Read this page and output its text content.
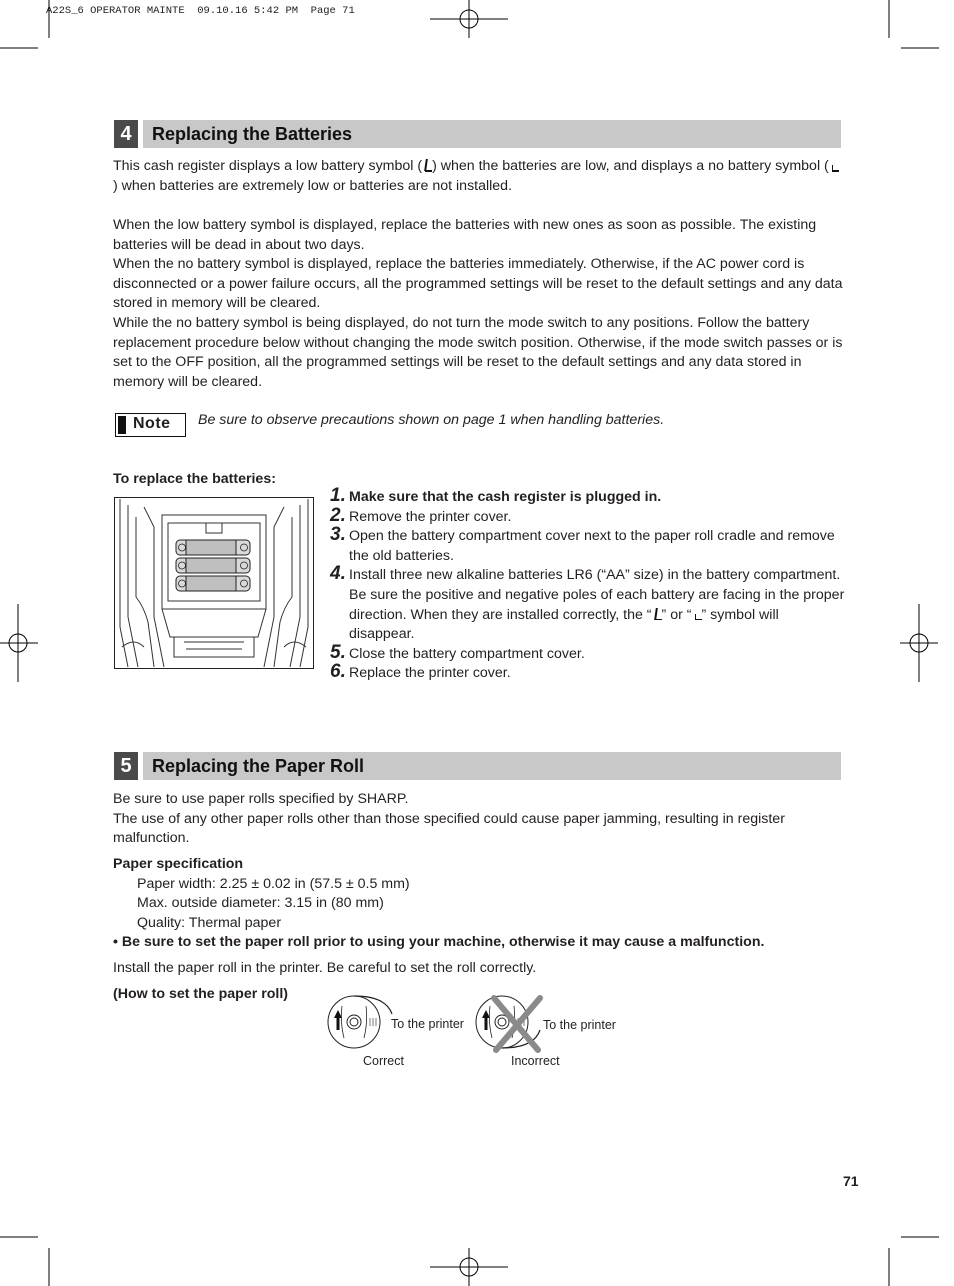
A22S_6 OPERATOR MAINTE  09.10.16 5:42 PM  Page 71
4	Replacing the Batteries

This cash register displays a low battery symbol ( ) when the batteries are low, and displays a no battery symbol () when batteries are extremely low or batteries are not installed.

When the low battery symbol is displayed, replace the batteries with new ones as soon as possible. The existing batteries will be dead in about two days.

When the no battery symbol is displayed, replace the batteries immediately. Otherwise, if the AC power cord is disconnected or a power failure occurs, all the programmed settings will be reset to the default settings and any data stored in memory will be cleared.

While the no battery symbol is being displayed, do not turn the mode switch to any positions. Follow the battery replacement procedure below without changing the mode switch position. Otherwise, if the mode switch passes or is set to the OFF position, all the programmed settings will be reset to the default settings and any data stored in memory will be cleared.

Note Be sure to observe precautions shown on page 1 when handling batteries.
To replace the batteries:
1. Make sure that the cash register is plugged in.
2. Remove the printer cover.
3. Open the battery compartment cover next to the paper roll cradle and remove the old batteries.
4. Install three new alkaline batteries LR6 (“AA” size) in the battery compartment. Be sure the positive and negative poles of each battery are facing in the proper direction. When they are installed correctly, the “ ” or “ ” symbol will disappear.
5. Close the battery compartment cover.
6. Replace the printer cover.
5	Replacing the Paper Roll

Be sure to use paper rolls specified by SHARP.

The use of any other paper rolls other than those specified could cause paper jamming, resulting in register malfunction.

Paper specification
Paper width: 2.25 ± 0.02 in (57.5 ± 0.5 mm)
Max. outside diameter: 3.15 in (80 mm)
Quality: Thermal paper
• Be sure to set the paper roll prior to using your machine, otherwise it may cause a malfunction.
Install the paper roll in the printer. Be careful to set the roll correctly.
(How to set the paper roll)
To the printer
Correct
To the printer
Incorrect
71
